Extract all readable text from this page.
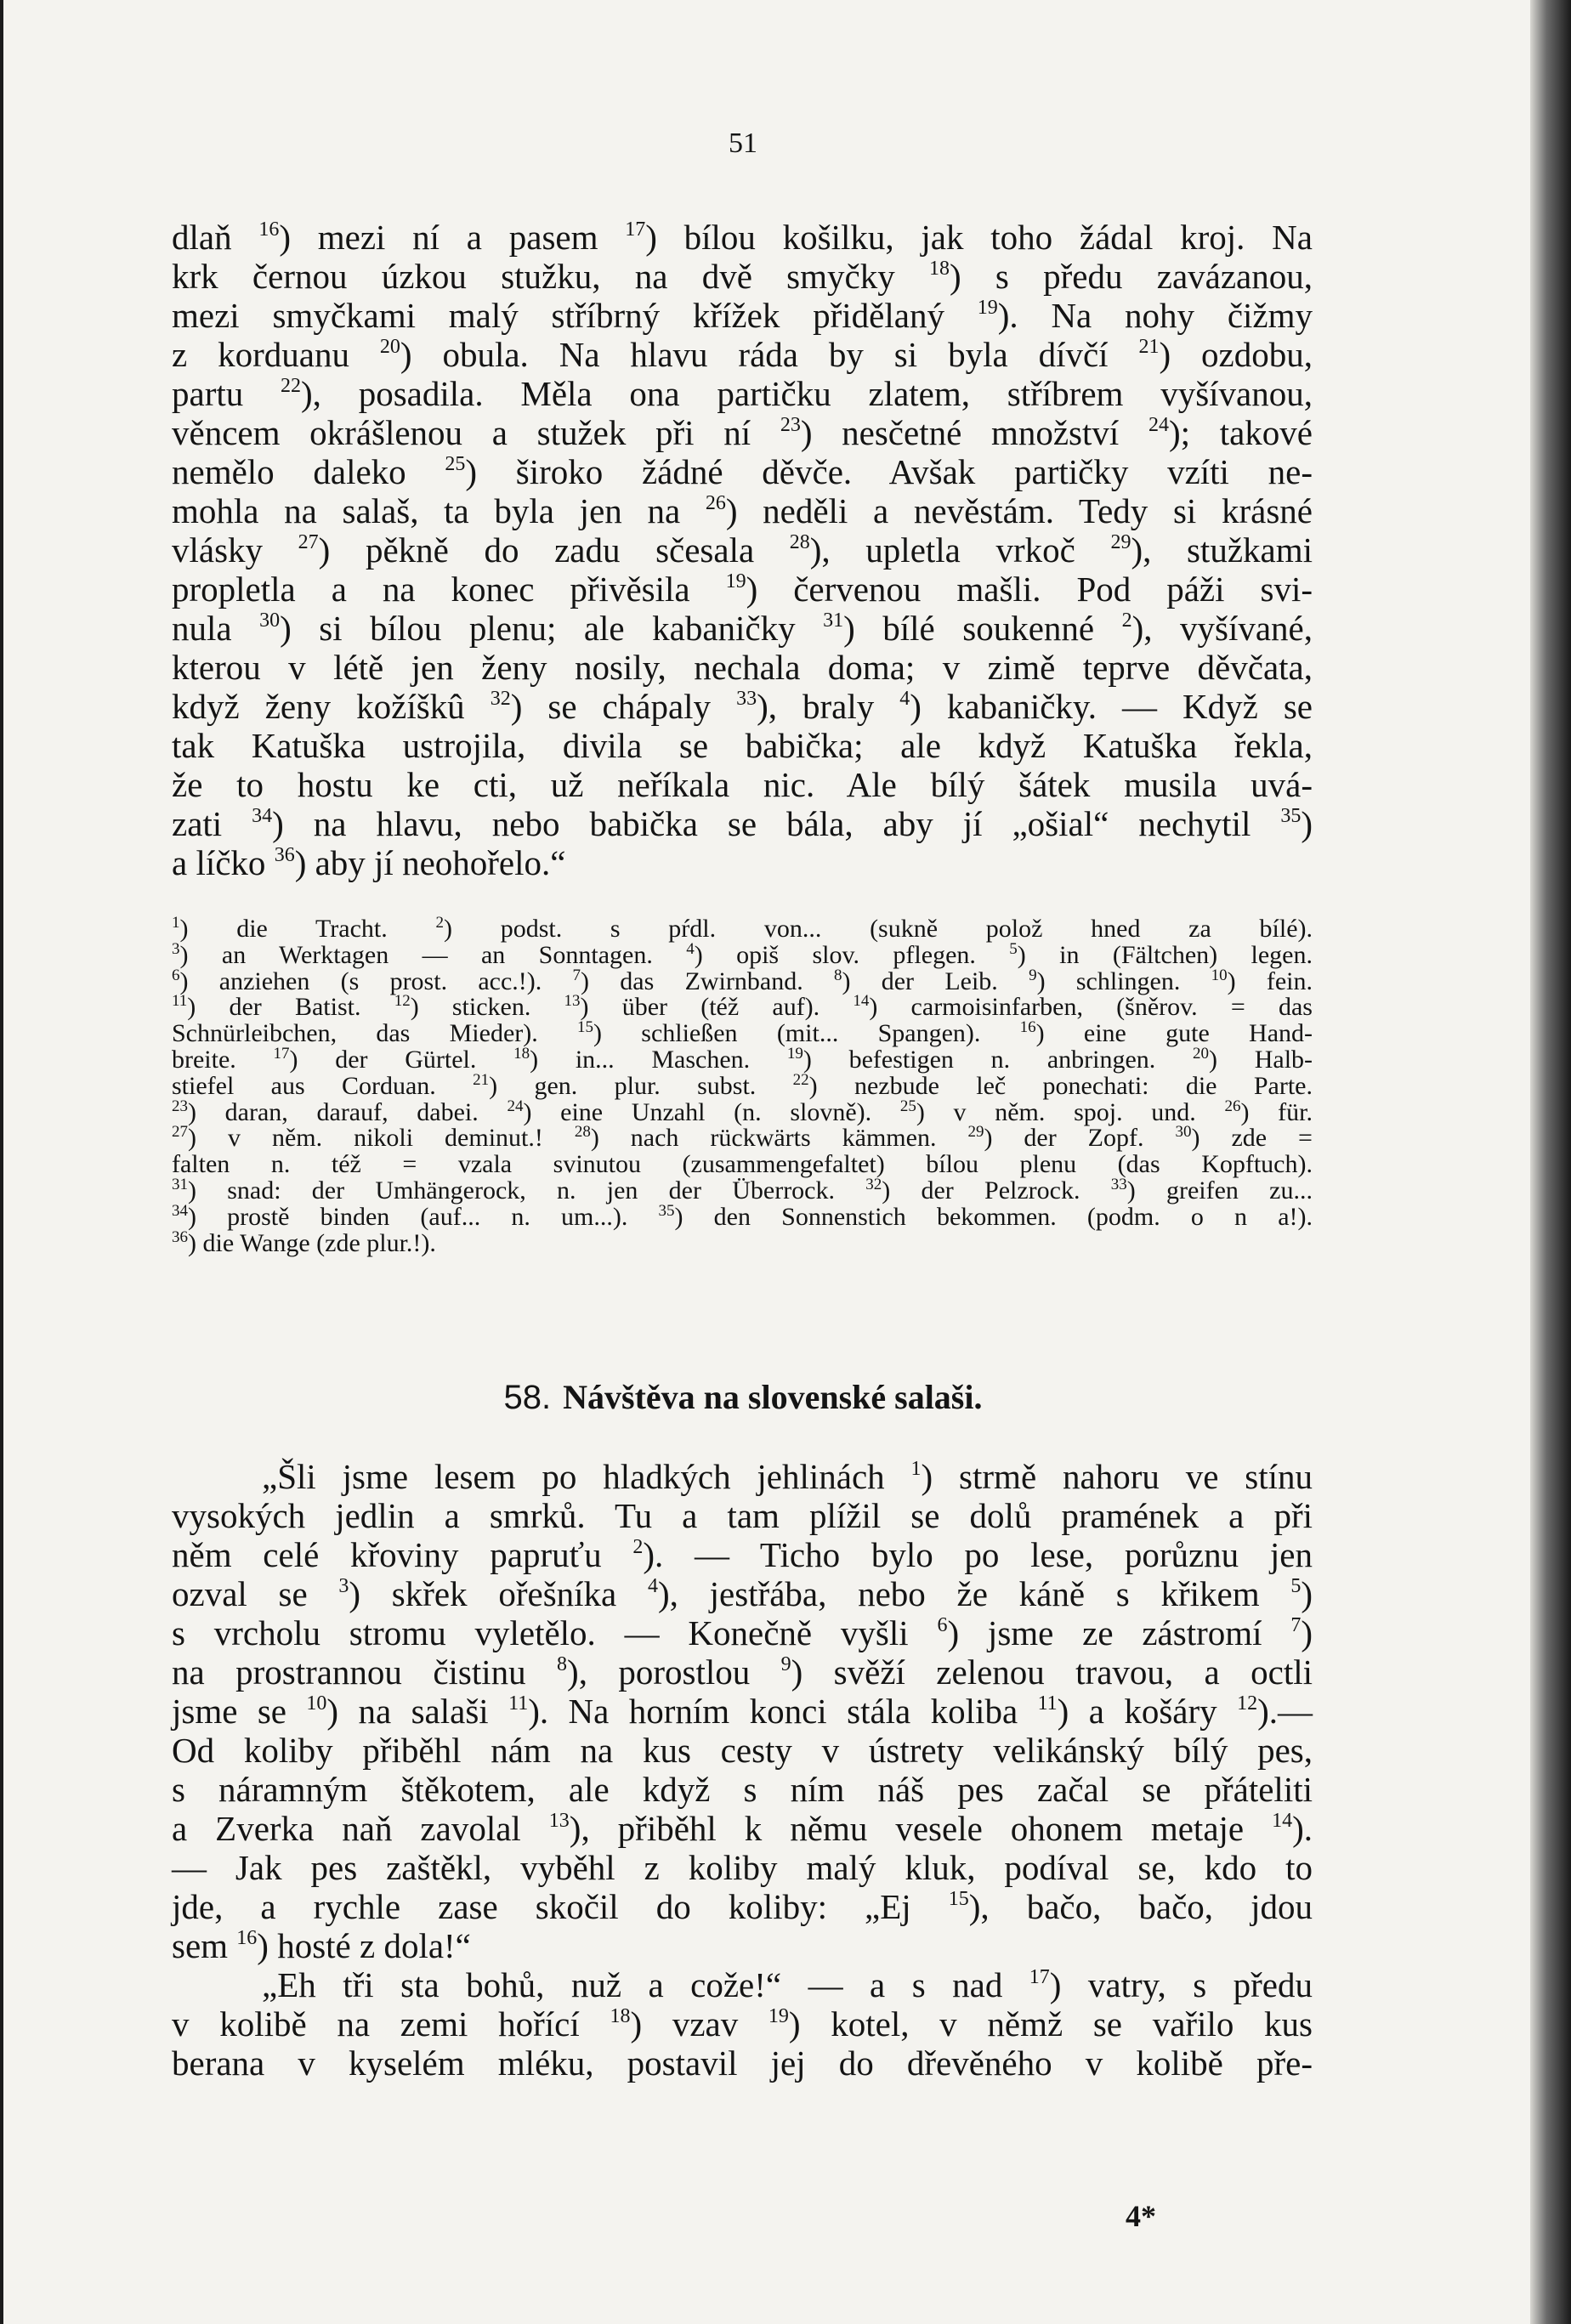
51

dlaň $^{16}$) mezi ní a pasem $^{17}$) bílou košilku, jak toho žádal kroj. Na
krk černou úzkou stužku, na dvě smyčky $^{18}$) s předu zavázanou,
mezi smyčkami malý stříbrný křížek přidělaný $^{19}$). Na nohy čižmy
z korduanu $^{20}$) obula. Na hlavu ráda by si byla dívčí $^{21}$) ozdobu,
partu $^{22}$), posadila. Měla ona partičku zlatem, stříbrem vyšívanou,
věncem okrášlenou a stužek při ní $^{23}$) nesčetné množství $^{24}$); takové
nemělo daleko $^{25}$) široko žádné děvče. Avšak partičky vzíti ne-
mohla na salaš, ta byla jen na $^{26}$) neděli a nevěstám. Tedy si krásné
vlásky $^{27}$) pěkně do zadu sčesala $^{28}$), upletla vrkoč $^{29}$), stužkami
propletla a na konec přivěsila $^{19}$) červenou mašli. Pod páži svi-
nula $^{30}$) si bílou plenu; ale kabaničky $^{31}$) bílé soukenné $^2$), vyšívané,
kterou v létě jen ženy nosily, nechala doma; v zimě teprve děvčata,
když ženy kožíškû $^{32}$) se chápaly $^{33}$), braly $^4$) kabaničky. — Když se
tak Katuška ustrojila, divila se babička; ale když Katuška řekla,
že to hostu ke cti, už neříkala nic. Ale bílý šátek musila uvá-
zati $^{34}$) na hlavu, nebo babička se bála, aby jí „ošial“ nechytil $^{35}$)
a líčko $^{36}$) aby jí neohořelo.“

$^1$) die Tracht. $^2$) podst. s pŕdl. von... (sukně polož hned za bílé).
$^3$) an Werktagen — an Sonntagen. $^4$) opiš slov. pflegen. $^5$) in (Fältchen) legen.
$^6$) anziehen (s prost. acc.!). $^7$) das Zwirnband. $^8$) der Leib. $^9$) schlingen. $^{10}$) fein.
$^{11}$) der Batist. $^{12}$) sticken. $^{13}$) über (též auf). $^{14}$) carmoisinfarben, (šněrov. = das
Schnürleibchen, das Mieder). $^{15}$) schließen (mit... Spangen). $^{16}$) eine gute Hand-
breite. $^{17}$) der Gürtel. $^{18}$) in... Maschen. $^{19}$) befestigen n. anbringen. $^{20}$) Halb-
stiefel aus Corduan. $^{21}$) gen. plur. subst. $^{22}$) nezbude leč ponechati: die Parte.
$^{23}$) daran, darauf, dabei. $^{24}$) eine Unzahl (n. slovně). $^{25}$) v něm. spoj. und. $^{26}$) für.
$^{27}$) v něm. nikoli deminut.! $^{28}$) nach rückwärts kämmen. $^{29}$) der Zopf. $^{30}$) zde =
falten n. též = vzala svinutou (zusammengefaltet) bílou plenu (das Kopftuch).
$^{31}$) snad: der Umhängerock, n. jen der Überrock. $^{32}$) der Pelzrock. $^{33}$) greifen zu...
$^{34}$) prostě binden (auf... n. um...). $^{35}$) den Sonnenstich bekommen. (podm. o n a!).
$^{36}$) die Wange (zde plur.!).
58. Návštěva na slovenské salaši.

„Šli jsme lesem po hladkých jehlinách $^1$) strmě nahoru ve stínu
vysokých jedlin a smrků. Tu a tam plížil se dolů pramének a při
něm celé křoviny papruťu $^2$). — Ticho bylo po lese, porůznu jen
ozval se $^3$) skřek ořešníka $^4$), jestřába, nebo že káně s křikem $^5$)
s vrcholu stromu vyletělo. — Konečně vyšli $^6$) jsme ze zástromí $^7$)
na prostrannou čistinu $^8$), porostlou $^9$) svěží zelenou travou, a octli
jsme se $^{10}$) na salaši $^{11}$). Na horním konci stála koliba $^{11}$) a košáry $^{12}$).—
Od koliby přiběhl nám na kus cesty v ústrety velikánský bílý pes,
s náramným štěkotem, ale když s ním náš pes začal se přáteliti
a Zverka naň zavolal $^{13}$), přiběhl k němu vesele ohonem metaje $^{14}$).
— Jak pes zaštěkl, vyběhl z koliby malý kluk, podíval se, kdo to
jde, a rychle zase skočil do koliby: „Ej $^{15}$), bačo, bačo, jdou
sem $^{16}$) hosté z dola!“
„Eh tři sta bohů, nuž a cože!“ — a s nad $^{17}$) vatry, s předu
v kolibě na zemi hořící $^{18}$) vzav $^{19}$) kotel, v němž se vařilo kus
berana v kyselém mléku, postavil jej do dřevěného v kolibě pře-

4*
